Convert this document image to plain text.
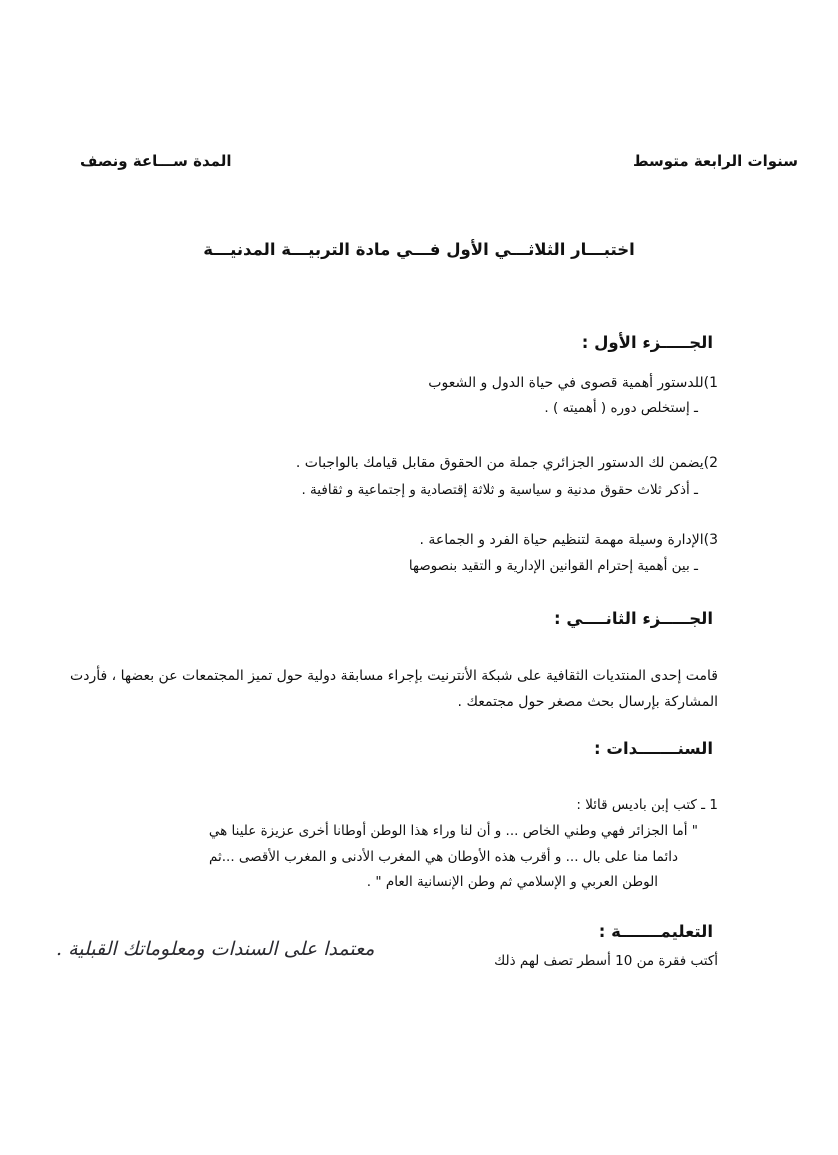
سنوات الرابعة متوسط
المدة ســـاعة ونصف
اختبـــار الثلاثـــي الأول فـــي مادة التربيـــة المدنيـــة
الجـــــزء الأول :
1)للدستور أهمية قصوى في حياة الدول و الشعوب
ـ إستخلص دوره ( أهميته ) .
2)يضمن لك الدستور الجزائري جملة من الحقوق مقابل قيامك بالواجبات .
ـ أذكر ثلاث حقوق مدنية و سياسية و ثلاثة إقتصادية و إجتماعية و ثقافية .
3)الإدارة وسيلة مهمة لتنظيم حياة الفرد و الجماعة .
ـ بين أهمية إحترام القوانين الإدارية و التقيد بنصوصها
الجـــــزء الثانــــي :
قامت إحدى المنتديات الثقافية على شبكة الأنترنيت بإجراء مسابقة دولية حول تميز المجتمعات عن بعضها ، فأردت المشاركة بإرسال بحث مصغر حول مجتمعك .
السنـــــــدات :
1 ـ كتب إبن باديس قائلا :
" أما الجزائر فهي وطني الخاص ... و أن لنا وراء هذا الوطن أوطانا أخرى عزيزة علينا هي
دائما منا على بال ... و أقرب هذه الأوطان هي المغرب الأدنى و المغرب الأقصى ...ثم
الوطن العربي و الإسلامي ثم وطن الإنسانية العام " .
التعليمـــــــة :
أكتب فقرة من 10 أسطر تصف لهم ذلك
معتمدا على السندات ومعلوماتك القبلية .
